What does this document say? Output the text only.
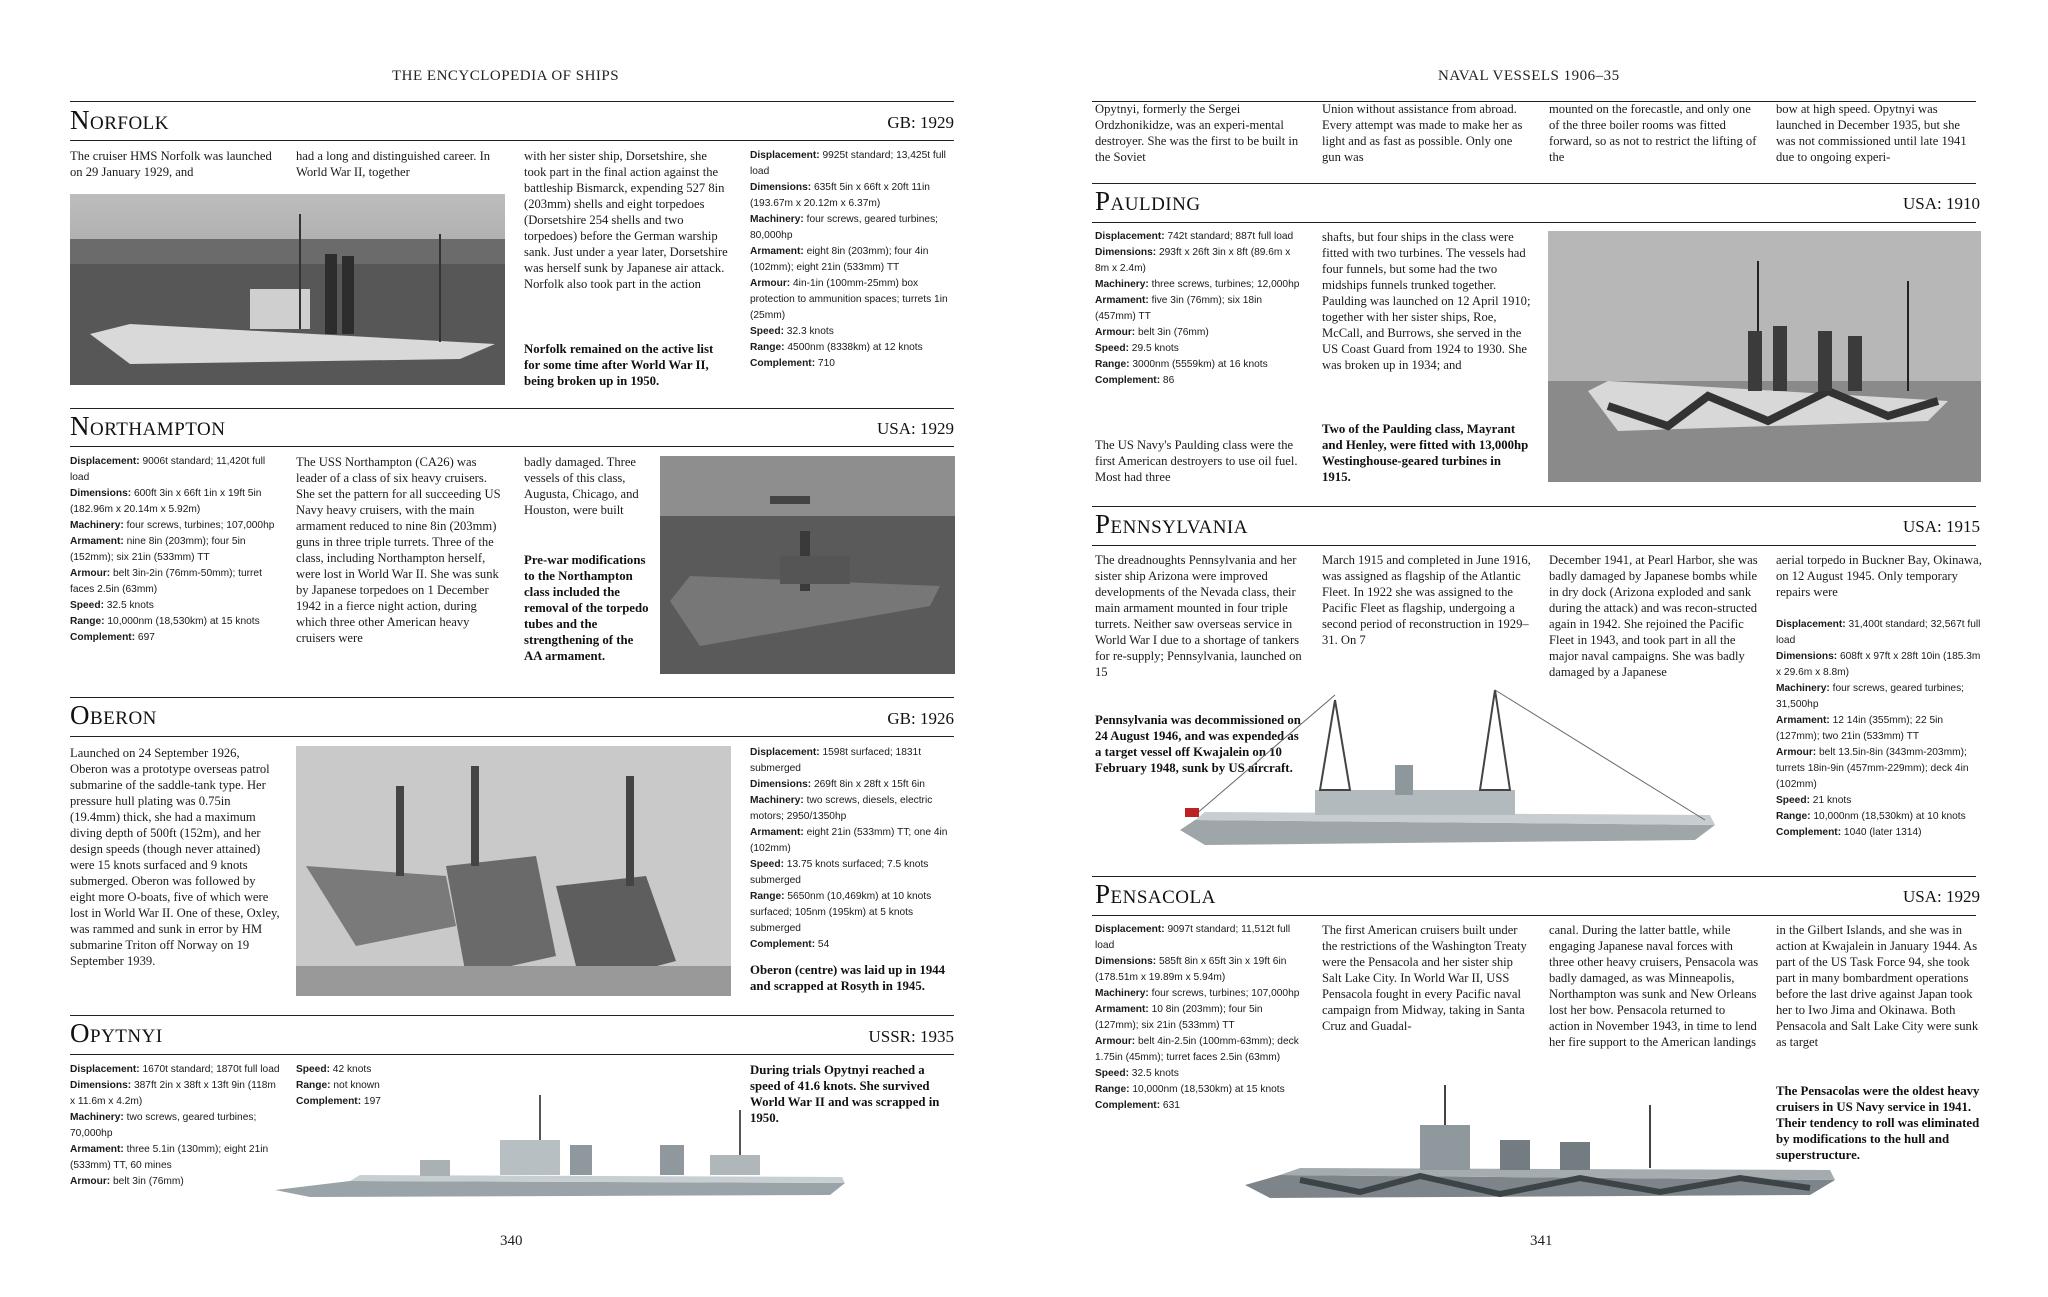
THE ENCYCLOPEDIA OF SHIPS
Norfolk	GB: 1929
The cruiser HMS Norfolk was launched on 29 January 1929, and
had a long and distinguished career. In World War II, together
with her sister ship, Dorsetshire, she took part in the final action against the battleship Bismarck, expending 527 8in (203mm) shells and eight torpedoes (Dorsetshire 254 shells and two torpedoes) before the German warship sank. Just under a year later, Dorsetshire was herself sunk by Japanese air attack. Norfolk also took part in the action
Norfolk remained on the active list for some time after World War II, being broken up in 1950.
Displacement: 9925t standard; 13,425t full load
Dimensions: 635ft 5in x 66ft x 20ft 11in (193.67m x 20.12m x 6.37m)
Machinery: four screws, geared turbines; 80,000hp
Armament: eight 8in (203mm); four 4in (102mm); eight 21in (533mm) TT
Armour: 4in-1in (100mm-25mm) box protection to ammunition spaces; turrets 1in (25mm)
Speed: 32.3 knots
Range: 4500nm (8338km) at 12 knots
Complement: 710
Northampton	USA: 1929
Displacement: 9006t standard; 11,420t full load
Dimensions: 600ft 3in x 66ft 1in x 19ft 5in (182.96m x 20.14m x 5.92m)
Machinery: four screws, turbines; 107,000hp
Armament: nine 8in (203mm); four 5in (152mm); six 21in (533mm) TT
Armour: belt 3in-2in (76mm-50mm); turret faces 2.5in (63mm)
Speed: 32.5 knots
Range: 10,000nm (18,530km) at 15 knots
Complement: 697
The USS Northampton (CA26) was leader of a class of six heavy cruisers. She set the pattern for all succeeding US Navy heavy cruisers, with the main armament reduced to nine 8in (203mm) guns in three triple turrets. Three of the class, including Northampton herself, were lost in World War II. She was sunk by Japanese torpedoes on 1 December 1942 in a fierce night action, during which three other American heavy cruisers were
badly damaged. Three vessels of this class, Augusta, Chicago, and Houston, were built
Pre-war modifications to the Northampton class included the removal of the torpedo tubes and the strengthening of the AA armament.
Oberon	GB: 1926
Launched on 24 September 1926, Oberon was a prototype overseas patrol submarine of the saddle-tank type. Her pressure hull plating was 0.75in (19.4mm) thick, she had a maximum diving depth of 500ft (152m), and her design speeds (though never attained) were 15 knots surfaced and 9 knots submerged. Oberon was followed by eight more O-boats, five of which were lost in World War II. One of these, Oxley, was rammed and sunk in error by HM submarine Triton off Norway on 19 September 1939.
Displacement: 1598t surfaced; 1831t submerged
Dimensions: 269ft 8in x 28ft x 15ft 6in
Machinery: two screws, diesels, electric motors; 2950/1350hp
Armament: eight 21in (533mm) TT; one 4in (102mm)
Speed: 13.75 knots surfaced; 7.5 knots submerged
Range: 5650nm (10,469km) at 10 knots surfaced; 105nm (195km) at 5 knots submerged
Complement: 54
Oberon (centre) was laid up in 1944 and scrapped at Rosyth in 1945.
Opytnyi	USSR: 1935
Displacement: 1670t standard; 1870t full load
Dimensions: 387ft 2in x 38ft x 13ft 9in (118m x 11.6m x 4.2m)
Machinery: two screws, geared turbines; 70,000hp
Armament: three 5.1in (130mm); eight 21in (533mm) TT, 60 mines
Armour: belt 3in (76mm)
Speed: 42 knots
Range: not known
Complement: 197
During trials Opytnyi reached a speed of 41.6 knots. She survived World War II and was scrapped in 1950.
340
NAVAL VESSELS 1906–35
Opytnyi, formerly the Sergei Ordzhonikidze, was an experi-mental destroyer. She was the first to be built in the Soviet
Union without assistance from abroad. Every attempt was made to make her as light and as fast as possible. Only one gun was
mounted on the forecastle, and only one of the three boiler rooms was fitted forward, so as not to restrict the lifting of the
bow at high speed. Opytnyi was launched in December 1935, but she was not commissioned until late 1941 due to ongoing experi-
Paulding	USA: 1910
Displacement: 742t standard; 887t full load
Dimensions: 293ft x 26ft 3in x 8ft (89.6m x 8m x 2.4m)
Machinery: three screws, turbines; 12,000hp
Armament: five 3in (76mm); six 18in (457mm) TT
Armour: belt 3in (76mm)
Speed: 29.5 knots
Range: 3000nm (5559km) at 16 knots
Complement: 86
The US Navy's Paulding class were the first American destroyers to use oil fuel. Most had three
shafts, but four ships in the class were fitted with two turbines. The vessels had four funnels, but some had the two midships funnels trunked together. Paulding was launched on 12 April 1910; together with her sister ships, Roe, McCall, and Burrows, she served in the US Coast Guard from 1924 to 1930. She was broken up in 1934; and
Two of the Paulding class, Mayrant and Henley, were fitted with 13,000hp Westinghouse-geared turbines in 1915.
Pennsylvania	USA: 1915
The dreadnoughts Pennsylvania and her sister ship Arizona were improved developments of the Nevada class, their main armament mounted in four triple turrets. Neither saw overseas service in World War I due to a shortage of tankers for re-supply; Pennsylvania, launched on 15
Pennsylvania was decommissioned on 24 August 1946, and was expended as a target vessel off Kwajalein on 10 February 1948, sunk by US aircraft.
March 1915 and completed in June 1916, was assigned as flagship of the Atlantic Fleet. In 1922 she was assigned to the Pacific Fleet as flagship, undergoing a second period of reconstruction in 1929–31. On 7
December 1941, at Pearl Harbor, she was badly damaged by Japanese bombs while in dry dock (Arizona exploded and sank during the attack) and was recon-structed again in 1942. She rejoined the Pacific Fleet in 1943, and took part in all the major naval campaigns. She was badly damaged by a Japanese
aerial torpedo in Buckner Bay, Okinawa, on 12 August 1945. Only temporary repairs were
Displacement: 31,400t standard; 32,567t full load
Dimensions: 608ft x 97ft x 28ft 10in (185.3m x 29.6m x 8.8m)
Machinery: four screws, geared turbines; 31,500hp
Armament: 12 14in (355mm); 22 5in (127mm); two 21in (533mm) TT
Armour: belt 13.5in-8in (343mm-203mm); turrets 18in-9in (457mm-229mm); deck 4in (102mm)
Speed: 21 knots
Range: 10,000nm (18,530km) at 10 knots
Complement: 1040 (later 1314)
Pensacola	USA: 1929
Displacement: 9097t standard; 11,512t full load
Dimensions: 585ft 8in x 65ft 3in x 19ft 6in (178.51m x 19.89m x 5.94m)
Machinery: four screws, turbines; 107,000hp
Armament: 10 8in (203mm); four 5in (127mm); six 21in (533mm) TT
Armour: belt 4in-2.5in (100mm-63mm); deck 1.75in (45mm); turret faces 2.5in (63mm)
Speed: 32.5 knots
Range: 10,000nm (18,530km) at 15 knots
Complement: 631
The first American cruisers built under the restrictions of the Washington Treaty were the Pensacola and her sister ship Salt Lake City. In World War II, USS Pensacola fought in every Pacific naval campaign from Midway, taking in Santa Cruz and Guadal-
canal. During the latter battle, while engaging Japanese naval forces with three other heavy cruisers, Pensacola was badly damaged, as was Minneapolis, Northampton was sunk and New Orleans lost her bow. Pensacola returned to action in November 1943, in time to lend her fire support to the American landings
in the Gilbert Islands, and she was in action at Kwajalein in January 1944. As part of the US Task Force 94, she took part in many bombardment operations before the last drive against Japan took her to Iwo Jima and Okinawa. Both Pensacola and Salt Lake City were sunk as target
The Pensacolas were the oldest heavy cruisers in US Navy service in 1941. Their tendency to roll was eliminated by modifications to the hull and superstructure.
341
